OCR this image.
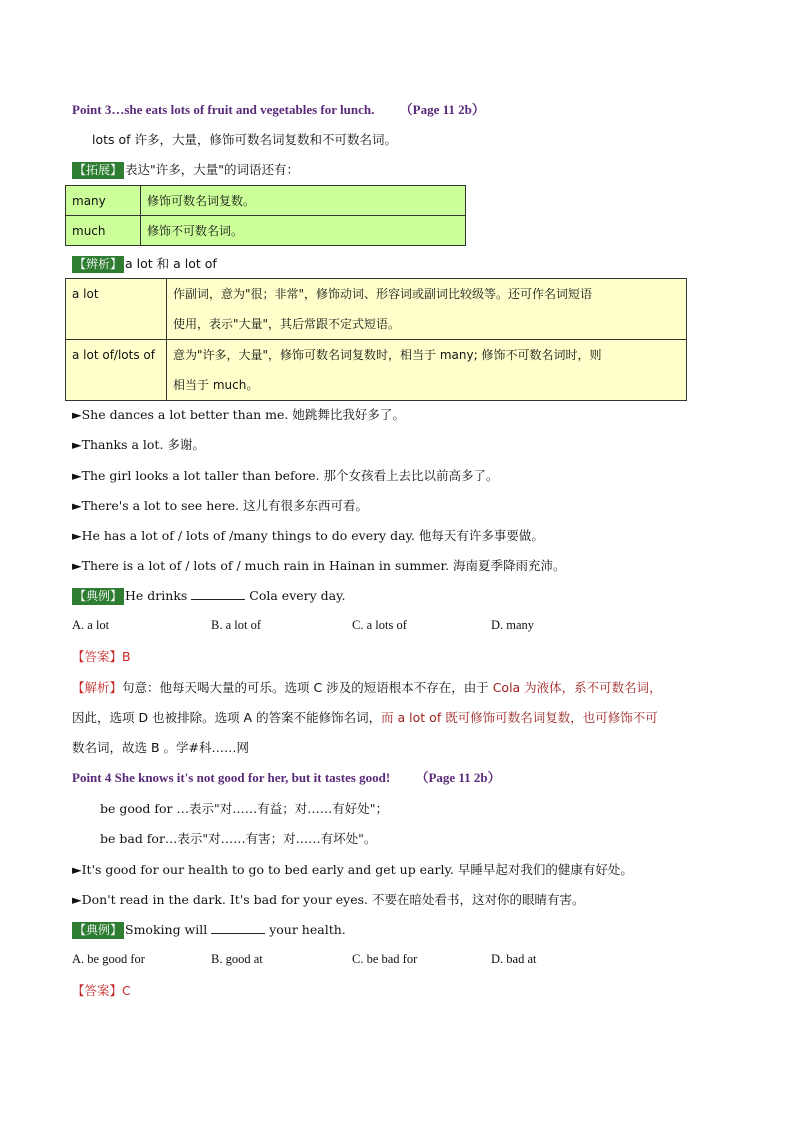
Point 3…she eats lots of fruit and vegetables for lunch. （Page 11 2b）
lots of 许多，大量，修饰可数名词复数和不可数名词。
【拓展】 表达"许多，大量"的词语还有：
many	修饰可数名词复数。
much	修饰不可数名词。
【辨析】 a lot 和 a lot of
a lot	作副词，意为"很；非常"，修饰动词、形容词或副词比较级等。还可作名词短语
使用，表示"大量"，其后常跟不定式短语。

a lot of/lots of	意为"许多，大量"，修饰可数名词复数时，相当于 many; 修饰不可数名词时，则
相当于 much。
►She dances a lot better than me. 她跳舞比我好多了。
►Thanks a lot. 多谢。
►The girl looks a lot taller than before. 那个女孩看上去比以前高多了。
►There's a lot to see here. 这儿有很多东西可看。
►He has a lot of / lots of /many things to do every day. 他每天有许多事要做。
►There is a lot of / lots of / much rain in Hainan in summer. 海南夏季降雨充沛。
【典例】 He drinks	Cola every day.
A. a lot	B. a lot of	C. a lots of	D. many
【答案】B
【解析】句意：他每天喝大量的可乐。选项 C 涉及的短语根本不存在，由于 Cola 为液体，系不可数名词，
因此，选项 D 也被排除。选项 A 的答案不能修饰名词，而 a lot of 既可修饰可数名词复数，也可修饰不可
数名词，故选 B 。学#科……网
Point 4 She knows it's not good for her, but it tastes good! （Page 11 2b）
be good for …表示"对……有益；对……有好处"；
be bad for…表示"对……有害；对……有坏处"。
►It's good for our health to go to bed early and get up early. 早睡早起对我们的健康有好处。
►Don't read in the dark. It's bad for your eyes. 不要在暗处看书，这对你的眼睛有害。
【典例】 Smoking will	your health.
A. be good for	B. good at	C. be bad for	D. bad at
【答案】C
